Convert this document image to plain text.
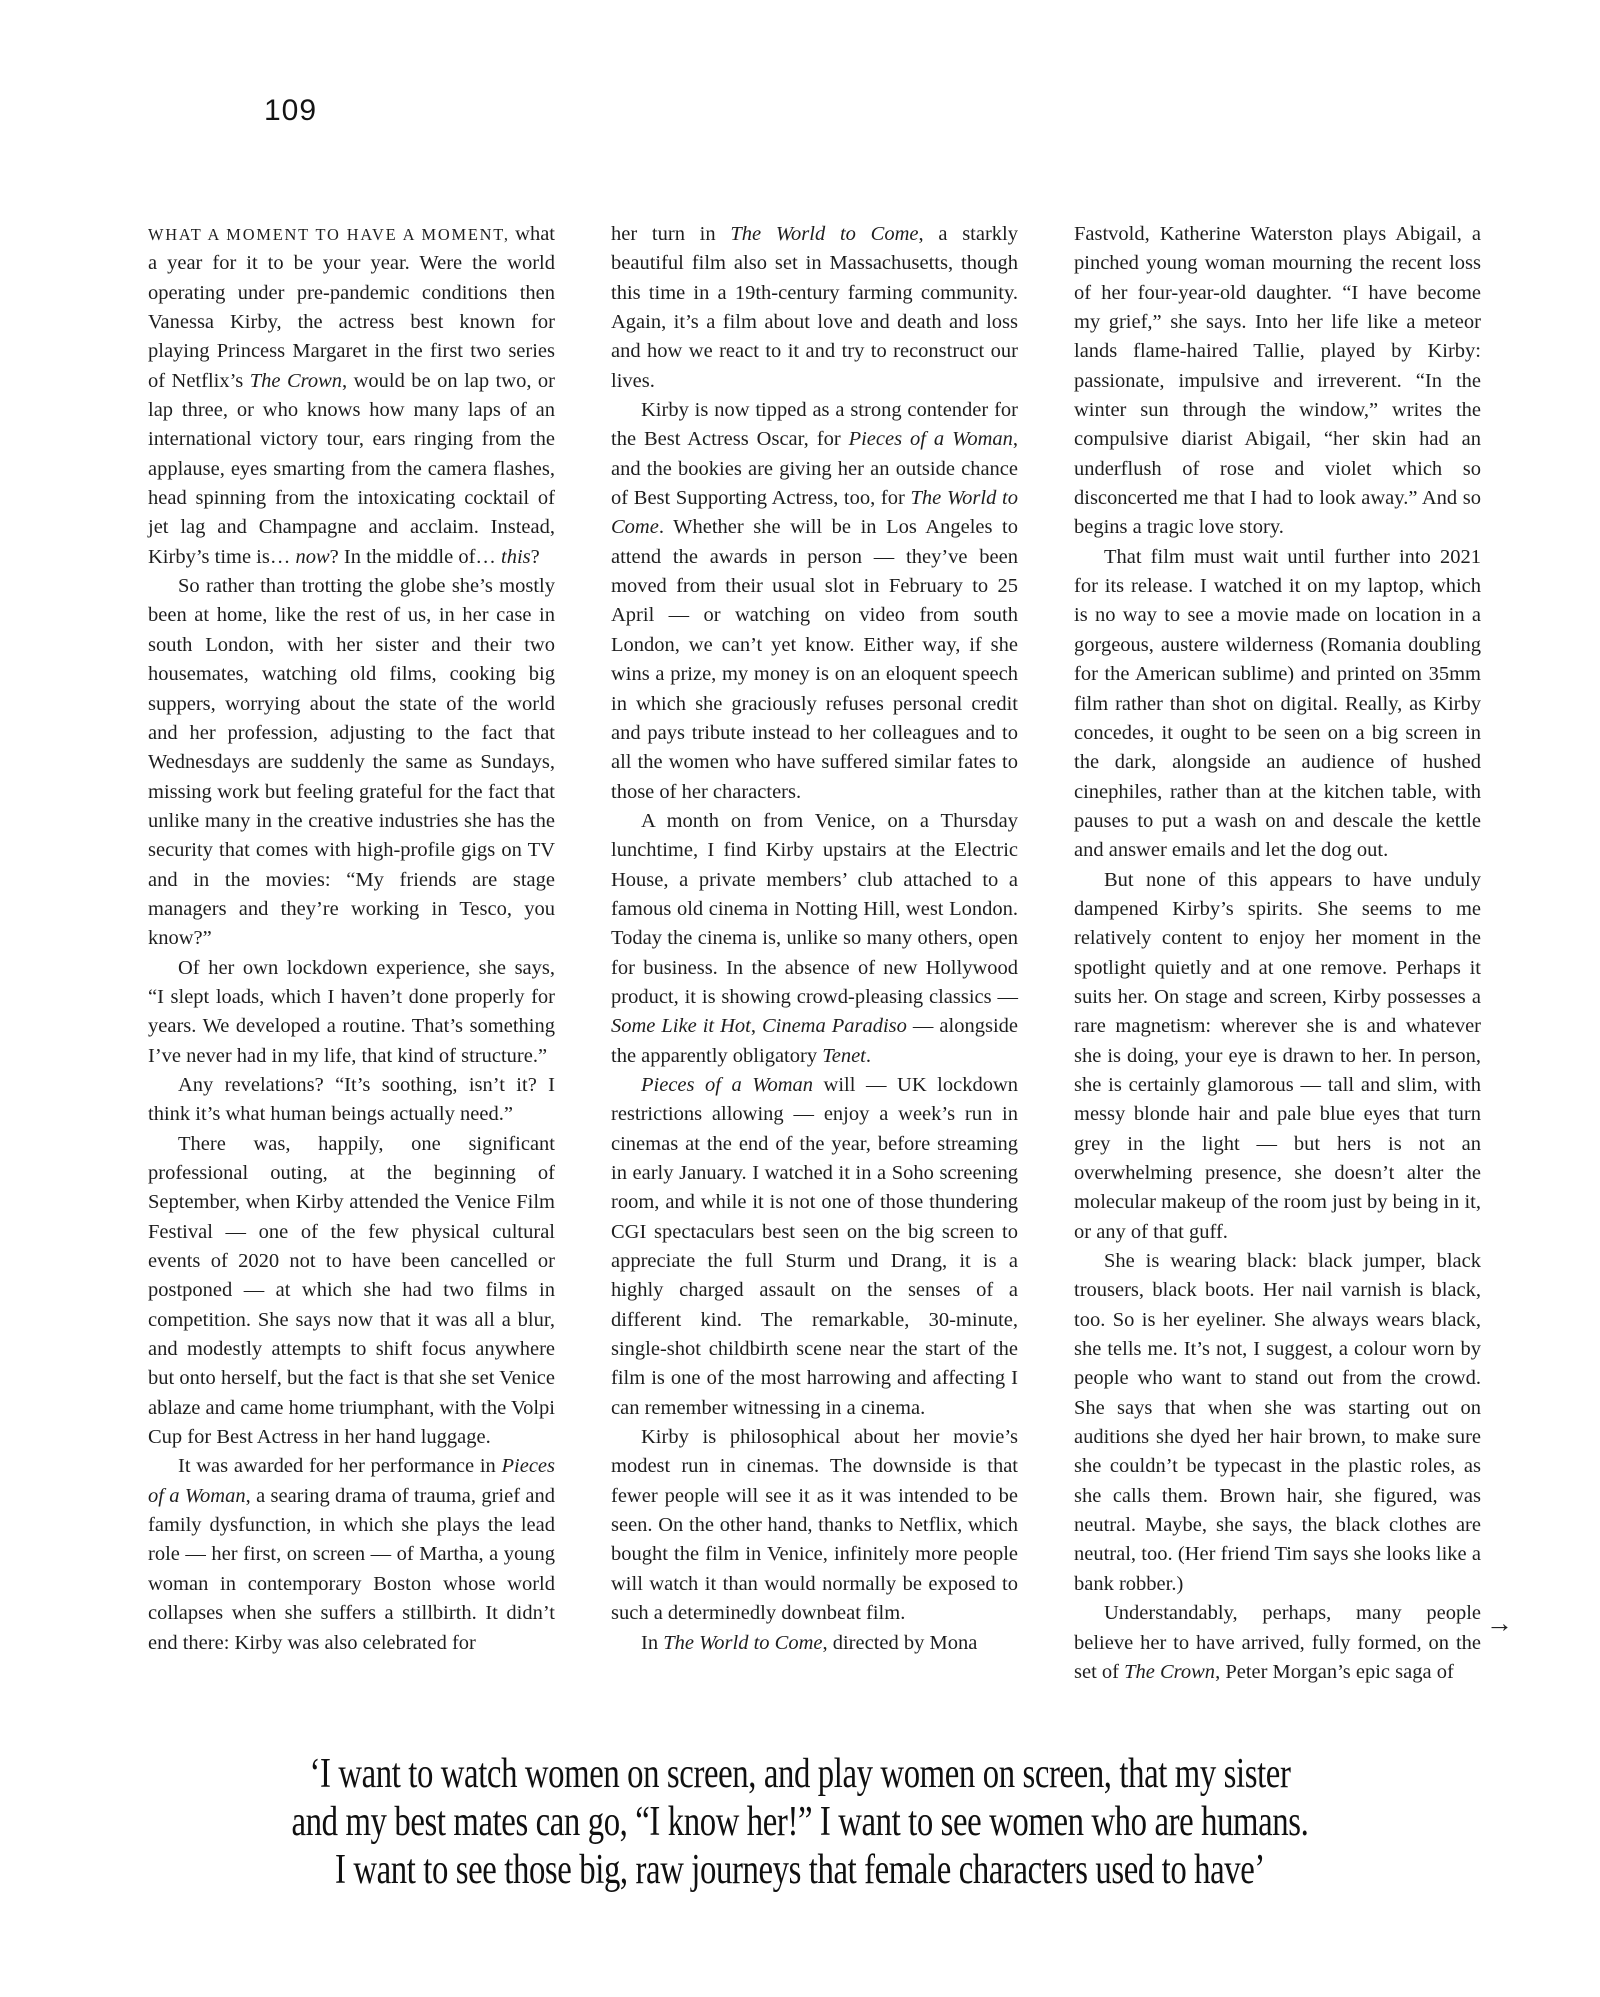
109

WHAT A MOMENT TO HAVE A MOMENT, what a year for it to be your year. Were the world operating under pre-pandemic conditions then Vanessa Kirby, the actress best known for playing Princess Margaret in the first two series of Netflix’s The Crown, would be on lap two, or lap three, or who knows how many laps of an international victory tour, ears ringing from the applause, eyes smarting from the camera flashes, head spinning from the intoxicating cocktail of jet lag and Champagne and acclaim. Instead, Kirby’s time is… now? In the middle of… this?

So rather than trotting the globe she’s mostly been at home, like the rest of us, in her case in south London, with her sister and their two housemates, watching old films, cooking big suppers, worrying about the state of the world and her profession, adjusting to the fact that Wednesdays are suddenly the same as Sundays, missing work but feeling grateful for the fact that unlike many in the creative industries she has the security that comes with high-profile gigs on TV and in the movies: “My friends are stage managers and they’re working in Tesco, you know?”

Of her own lockdown experience, she says, “I slept loads, which I haven’t done properly for years. We developed a routine. That’s something I’ve never had in my life, that kind of structure.”

Any revelations? “It’s soothing, isn’t it? I think it’s what human beings actually need.”

There was, happily, one significant professional outing, at the beginning of September, when Kirby attended the Venice Film Festival — one of the few physical cultural events of 2020 not to have been cancelled or postponed — at which she had two films in competition. She says now that it was all a blur, and modestly attempts to shift focus anywhere but onto herself, but the fact is that she set Venice ablaze and came home triumphant, with the Volpi Cup for Best Actress in her hand luggage.

It was awarded for her performance in Pieces of a Woman, a searing drama of trauma, grief and family dysfunction, in which she plays the lead role — her first, on screen — of Martha, a young woman in contemporary Boston whose world collapses when she suffers a stillbirth. It didn’t end there: Kirby was also celebrated for

her turn in The World to Come, a starkly beautiful film also set in Massachusetts, though this time in a 19th-century farming community. Again, it’s a film about love and death and loss and how we react to it and try to reconstruct our lives.

Kirby is now tipped as a strong contender for the Best Actress Oscar, for Pieces of a Woman, and the bookies are giving her an outside chance of Best Supporting Actress, too, for The World to Come. Whether she will be in Los Angeles to attend the awards in person — they’ve been moved from their usual slot in February to 25 April — or watching on video from south London, we can’t yet know. Either way, if she wins a prize, my money is on an eloquent speech in which she graciously refuses personal credit and pays tribute instead to her colleagues and to all the women who have suffered similar fates to those of her characters.

A month on from Venice, on a Thursday lunchtime, I find Kirby upstairs at the Electric House, a private members’ club attached to a famous old cinema in Notting Hill, west London. Today the cinema is, unlike so many others, open for business. In the absence of new Hollywood product, it is showing crowd-pleasing classics — Some Like it Hot, Cinema Paradiso — alongside the apparently obligatory Tenet.

Pieces of a Woman will — UK lockdown restrictions allowing — enjoy a week’s run in cinemas at the end of the year, before streaming in early January. I watched it in a Soho screening room, and while it is not one of those thundering CGI spectaculars best seen on the big screen to appreciate the full Sturm und Drang, it is a highly charged assault on the senses of a different kind. The remarkable, 30-minute, single-shot childbirth scene near the start of the film is one of the most harrowing and affecting I can remember witnessing in a cinema.

Kirby is philosophical about her movie’s modest run in cinemas. The downside is that fewer people will see it as it was intended to be seen. On the other hand, thanks to Netflix, which bought the film in Venice, infinitely more people will watch it than would normally be exposed to such a determinedly downbeat film.

In The World to Come, directed by Mona

Fastvold, Katherine Waterston plays Abigail, a pinched young woman mourning the recent loss of her four-year-old daughter. “I have become my grief,” she says. Into her life like a meteor lands flame-haired Tallie, played by Kirby: passionate, impulsive and irreverent. “In the winter sun through the window,” writes the compulsive diarist Abigail, “her skin had an underflush of rose and violet which so disconcerted me that I had to look away.” And so begins a tragic love story.

That film must wait until further into 2021 for its release. I watched it on my laptop, which is no way to see a movie made on location in a gorgeous, austere wilderness (Romania doubling for the American sublime) and printed on 35mm film rather than shot on digital. Really, as Kirby concedes, it ought to be seen on a big screen in the dark, alongside an audience of hushed cinephiles, rather than at the kitchen table, with pauses to put a wash on and descale the kettle and answer emails and let the dog out.

But none of this appears to have unduly dampened Kirby’s spirits. She seems to me relatively content to enjoy her moment in the spotlight quietly and at one remove. Perhaps it suits her. On stage and screen, Kirby possesses a rare magnetism: wherever she is and whatever she is doing, your eye is drawn to her. In person, she is certainly glamorous — tall and slim, with messy blonde hair and pale blue eyes that turn grey in the light — but hers is not an overwhelming presence, she doesn’t alter the molecular makeup of the room just by being in it, or any of that guff.

She is wearing black: black jumper, black trousers, black boots. Her nail varnish is black, too. So is her eyeliner. She always wears black, she tells me. It’s not, I suggest, a colour worn by people who want to stand out from the crowd. She says that when she was starting out on auditions she dyed her hair brown, to make sure she couldn’t be typecast in the plastic roles, as she calls them. Brown hair, she figured, was neutral. Maybe, she says, the black clothes are neutral, too. (Her friend Tim says she looks like a bank robber.)

Understandably, perhaps, many people believe her to have arrived, fully formed, on the set of The Crown, Peter Morgan’s epic saga of

→
‘I want to watch women on screen, and play women on screen, that my sister
and my best mates can go, “I know her!” I want to see women who are humans.
I want to see those big, raw journeys that female characters used to have’
